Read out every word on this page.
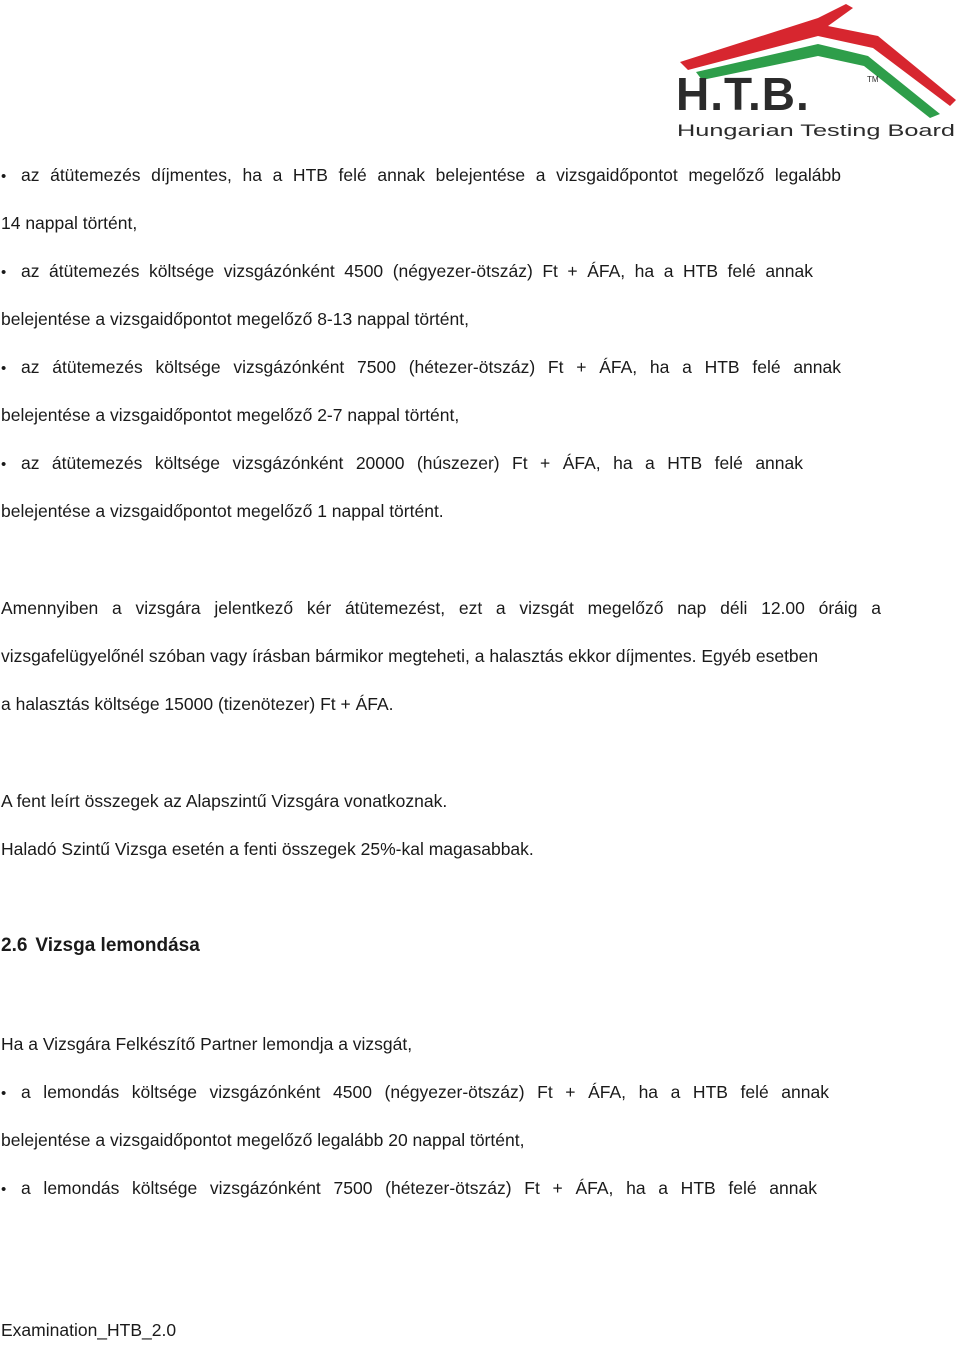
H.T.B.	TM
Hungarian Testing Board
• az átütemezés díjmentes, ha a HTB felé annak belejentése a vizsgaidőpontot megelőző legalább
14 nappal történt,
• az átütemezés költsége vizsgázónként 4500 (négyezer-ötszáz) Ft + ÁFA, ha a HTB felé annak
belejentése a vizsgaidőpontot megelőző 8-13 nappal történt,
• az átütemezés költsége vizsgázónként 7500 (hétezer-ötszáz) Ft + ÁFA, ha a HTB felé annak
belejentése a vizsgaidőpontot megelőző 2-7 nappal történt,
• az átütemezés költsége vizsgázónként 20000 (húszezer) Ft + ÁFA, ha a HTB felé annak
belejentése a vizsgaidőpontot megelőző 1 nappal történt.
Amennyiben a vizsgára jelentkező kér átütemezést, ezt a vizsgát megelőző nap déli 12.00 óráig a
vizsgafelügyelőnél szóban vagy írásban bármikor megteheti, a halasztás ekkor díjmentes. Egyéb esetben
a halasztás költsége 15000 (tizenötezer) Ft + ÁFA.
A fent leírt összegek az Alapszintű Vizsgára vonatkoznak.
Haladó Szintű Vizsga esetén a fenti összegek 25%-kal magasabbak.
2.6 Vizsga lemondása
Ha a Vizsgára Felkészítő Partner lemondja a vizsgát,
• a lemondás költsége vizsgázónként 4500 (négyezer-ötszáz) Ft + ÁFA, ha a HTB felé annak
belejentése a vizsgaidőpontot megelőző legalább 20 nappal történt,
• a lemondás költsége vizsgázónként 7500 (hétezer-ötszáz) Ft + ÁFA, ha a HTB felé annak
Examination_HTB_2.0
